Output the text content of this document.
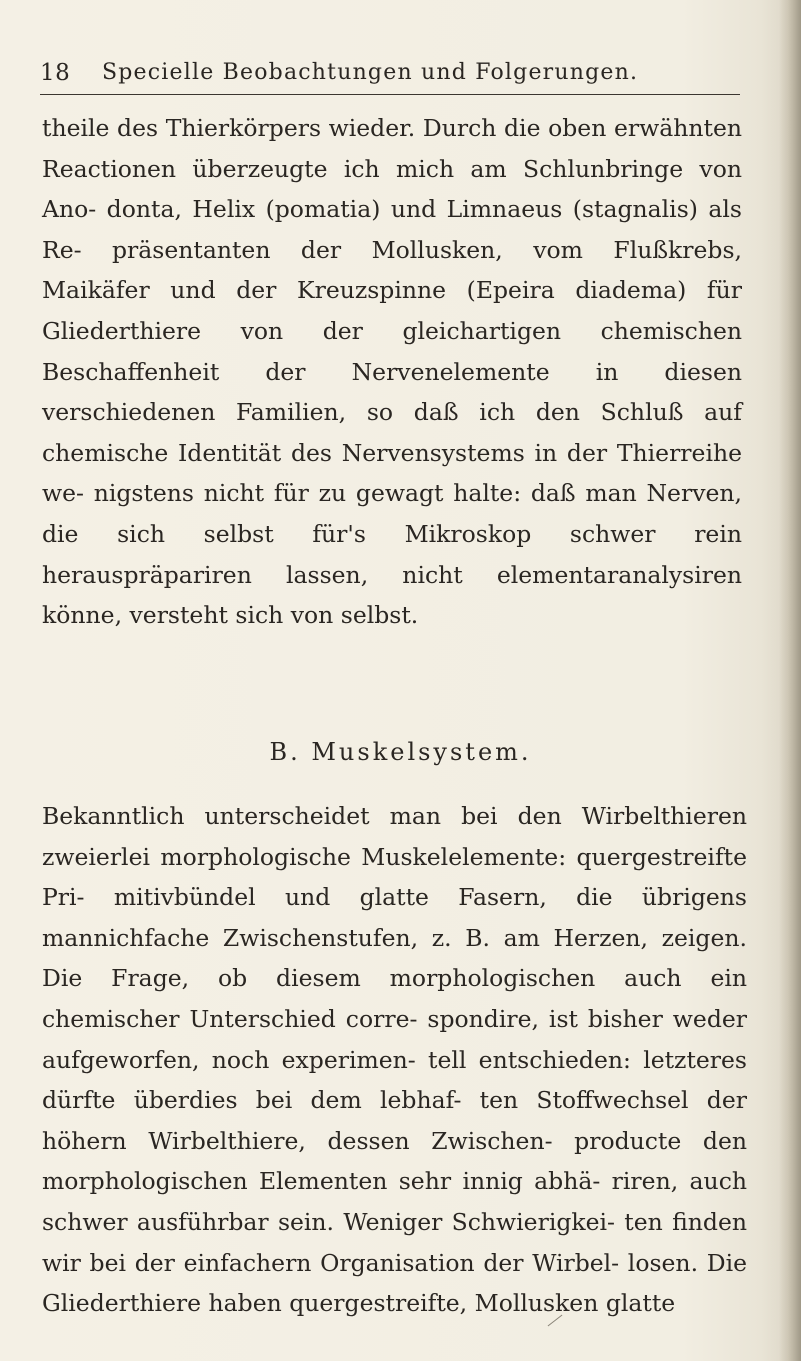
18 Specielle Beobachtungen und Folgerungen.

theile des Thierkörpers wieder. Durch die oben erwähnten Reactionen überzeugte ich mich am Schlunbringe von Ano- donta, Helix (pomatia) und Limnaeus (stagnalis) als Re- präsentanten der Mollusken, vom Flußkrebs, Maikäfer und der Kreuzspinne (Epeira diadema) für Gliederthiere von der gleichartigen chemischen Beschaffenheit der Nervenelemente in diesen verschiedenen Familien, so daß ich den Schluß auf chemische Identität des Nervensystems in der Thierreihe we- nigstens nicht für zu gewagt halte: daß man Nerven, die sich selbst für's Mikroskop schwer rein herauspräpariren lassen, nicht elementaranalysiren könne, versteht sich von selbst.

B. Muskelsystem.

Bekanntlich unterscheidet man bei den Wirbelthieren zweierlei morphologische Muskelelemente: quergestreifte Pri- mitivbündel und glatte Fasern, die übrigens mannichfache Zwischenstufen, z. B. am Herzen, zeigen. Die Frage, ob diesem morphologischen auch ein chemischer Unterschied corre- spondire, ist bisher weder aufgeworfen, noch experimen- tell entschieden: letzteres dürfte überdies bei dem lebhaf- ten Stoffwechsel der höhern Wirbelthiere, dessen Zwischen- producte den morphologischen Elementen sehr innig abhä- riren, auch schwer ausführbar sein. Weniger Schwierigkei- ten finden wir bei der einfachern Organisation der Wirbel- losen. Die Gliederthiere haben quergestreifte, Mollusken glatte
